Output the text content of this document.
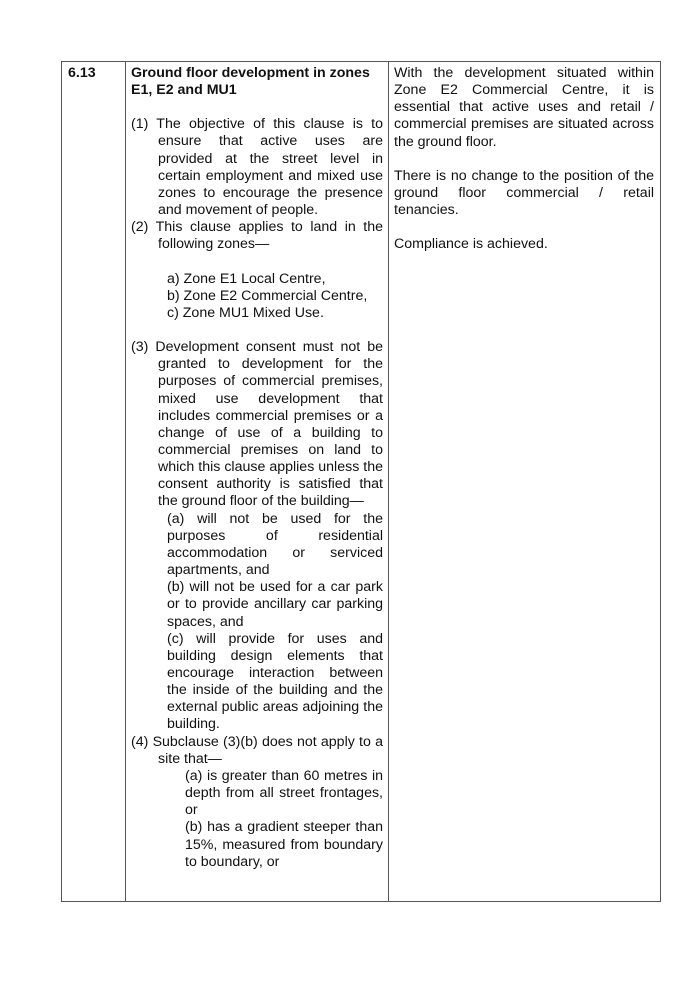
6.13 Ground floor development in zones E1, E2 and MU1

(1) The objective of this clause is to ensure that active uses are provided at the street level in certain employment and mixed use zones to encourage the presence and movement of people.

(2) This clause applies to land in the following zones—

a) Zone E1 Local Centre,
b) Zone E2 Commercial Centre,
c) Zone MU1 Mixed Use.

(3) Development consent must not be granted to development for the purposes of commercial premises, mixed use development that includes commercial premises or a change of use of a building to commercial premises on land to which this clause applies unless the consent authority is satisfied that the ground floor of the building—

(a) will not be used for the purposes of residential accommodation or serviced apartments, and

(b) will not be used for a car park or to provide ancillary car parking spaces, and

(c) will provide for uses and building design elements that encourage interaction between the inside of the building and the external public areas adjoining the building.

(4) Subclause (3)(b) does not apply to a site that—

(a) is greater than 60 metres in depth from all street frontages, or

(b) has a gradient steeper than 15%, measured from boundary to boundary, or

With the development situated within Zone E2 Commercial Centre, it is essential that active uses and retail / commercial premises are situated across the ground floor.

There is no change to the position of the ground floor commercial / retail tenancies.

Compliance is achieved.
